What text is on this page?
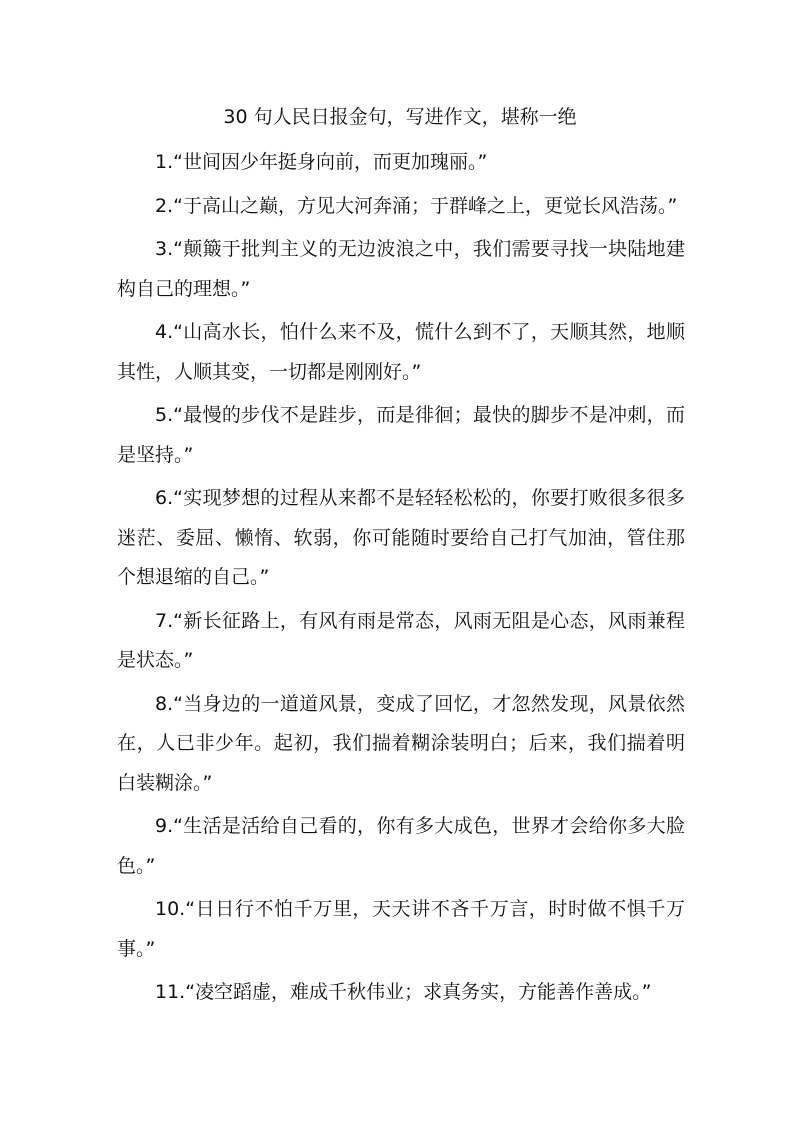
30 句人民日报金句，写进作文，堪称一绝
1.“世间因少年挺身向前，而更加瑰丽。”
2.“于高山之巅，方见大河奔涌；于群峰之上，更觉长风浩荡。”
3.“颠簸于批判主义的无边波浪之中，我们需要寻找一块陆地建构自己的理想。”
4.“山高水长，怕什么来不及，慌什么到不了，天顺其然，地顺其性，人顺其变，一切都是刚刚好。”
5.“最慢的步伐不是跬步，而是徘徊；最快的脚步不是冲刺，而是坚持。”
6.“实现梦想的过程从来都不是轻轻松松的，你要打败很多很多迷茫、委屈、懒惰、软弱，你可能随时要给自己打气加油，管住那个想退缩的自己。”
7.“新长征路上，有风有雨是常态，风雨无阻是心态，风雨兼程是状态。”
8.“当身边的一道道风景，变成了回忆，才忽然发现，风景依然在，人已非少年。起初，我们揣着糊涂装明白；后来，我们揣着明白装糊涂。”
9.“生活是活给自己看的，你有多大成色，世界才会给你多大脸色。”
10.“日日行不怕千万里，天天讲不吝千万言，时时做不惧千万事。”
11.“凌空蹈虚，难成千秋伟业；求真务实，方能善作善成。”
